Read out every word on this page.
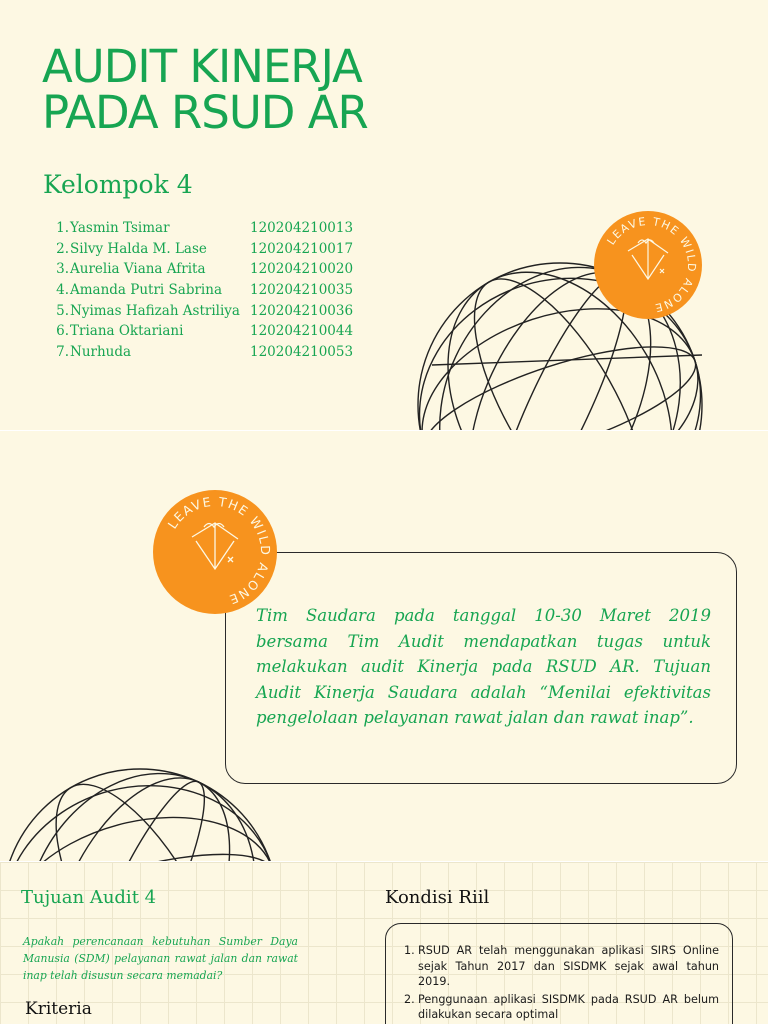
AUDIT KINERJA
PADA RSUD AR
Kelompok 4
1.Yasmin Tsimar	120204210013
2.Silvy Halda M. Lase	120204210017
3.Aurelia Viana Afrita	120204210020
4.Amanda Putri Sabrina 120204210035
5.Nyimas Hafizah Astriliya 120204210036
6.Triana Oktariani	120204210044
7.Nurhuda	120204210053
LEAVE THE WILD ALONE

Tim Saudara pada tanggal 10-30 Maret 2019 bersama Tim Audit mendapatkan tugas untuk melakukan audit Kinerja pada RSUD AR. Tujuan Audit Kinerja Saudara adalah “Menilai efektivitas pengelolaan pelayanan rawat jalan dan rawat inap”.

LEAVE THE WILD ALONE
Tujuan Audit 4

Apakah perencanaan kebutuhan Sumber Daya Manusia (SDM) pelayanan rawat jalan dan rawat inap telah disusun secara memadai?

Kriteria
Kondisi Riil
1. RSUD AR telah menggunakan aplikasi SIRS Online sejak Tahun 2017 dan SISDMK sejak awal tahun 2019.
2. Penggunaan aplikasi SISDMK pada RSUD AR belum dilakukan secara optimal
